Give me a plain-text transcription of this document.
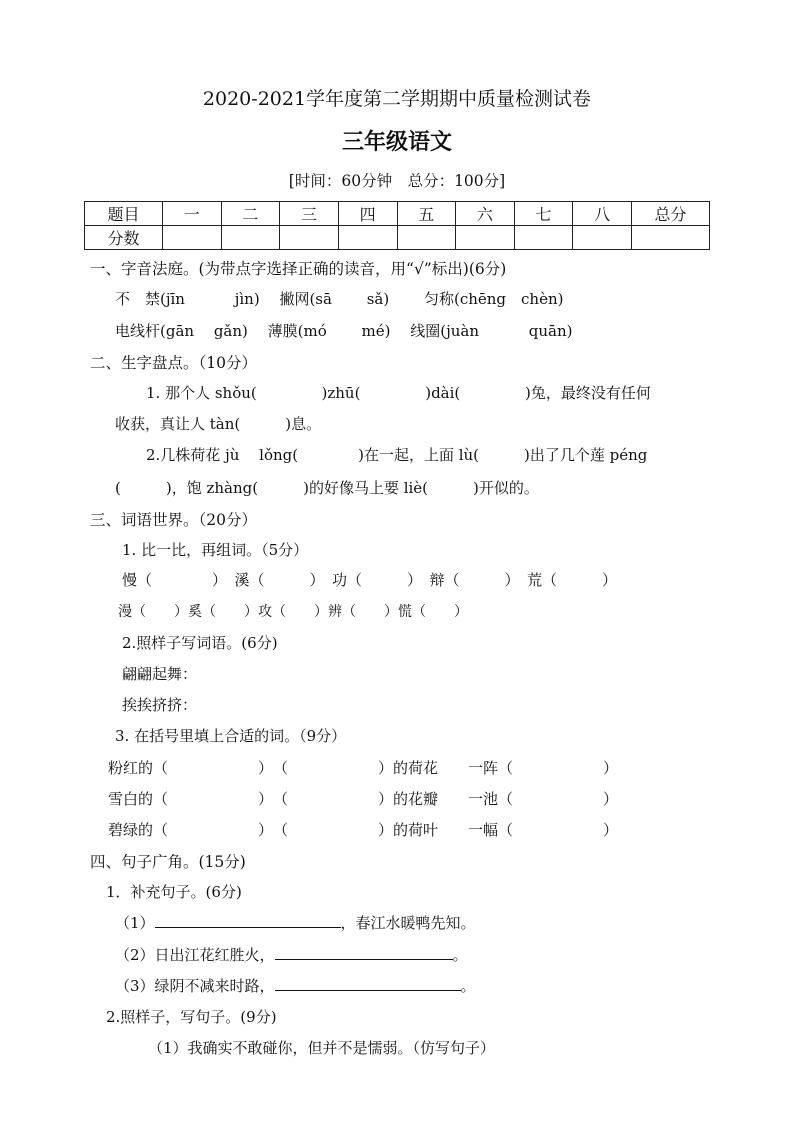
2020-2021学年度第二学期期中质量检测试卷
三年级语文
[时间：60分钟　总分：100分]
题目	一	二	三	四	五	六	七	八	总分
分数									
一、字音法庭。(为带点字选择正确的读音，用“√”标出)(6分)
不　禁(jīn　　　 jìn)　 撇网(sā　　 sǎ)　　 匀称(chēng　chèn)
电线杆(gān　 gǎn)　 薄膜(mó　　 mé)　 线圈(juàn　　　 quān)
二、生字盘点。（10分）
1. 那个人 shǒu(　　　　 )zhū(　　　　 )dài(　　　　 )兔，最终没有任何
收获，真让人 tàn(　　　)息。
2.几株荷花 jù　 lǒng(　　　　)在一起，上面 lù(　　　)出了几个莲 péng
(　　　)，饱 zhàng(　　　)的好像马上要 liè(　　　)开似的。
三、词语世界。（20分）
1. 比一比，再组词。（5分）
慢（　　　　）　溪（　　　）　功（　　　）　辩（　　　）　荒（　　　）
漫（　　）奚（　　）攻（　　）辨（　　）慌（　　）
2.照样子写词语。(6分)
翩翩起舞：
挨挨挤挤：
3. 在括号里填上合适的词。（9分）
粉红的（　　　　　　）　（　　　　　　）的荷花　　一阵（　　　　　　）
雪白的（　　　　　　）　（　　　　　　）的花瓣　　一池（　　　　　　）
碧绿的（　　　　　　）　（　　　　　　）的荷叶　　一幅（　　　　　　）
四、句子广角。(15分)
1．补充句子。(6分)
（1）	，春江水暖鸭先知。
（2）日出江花红胜火，	。
（3）绿阴不减来时路，	。
2.照样子，写句子。(9分)
（1）我确实不敢碰你，但并不是懦弱。（仿写句子）
